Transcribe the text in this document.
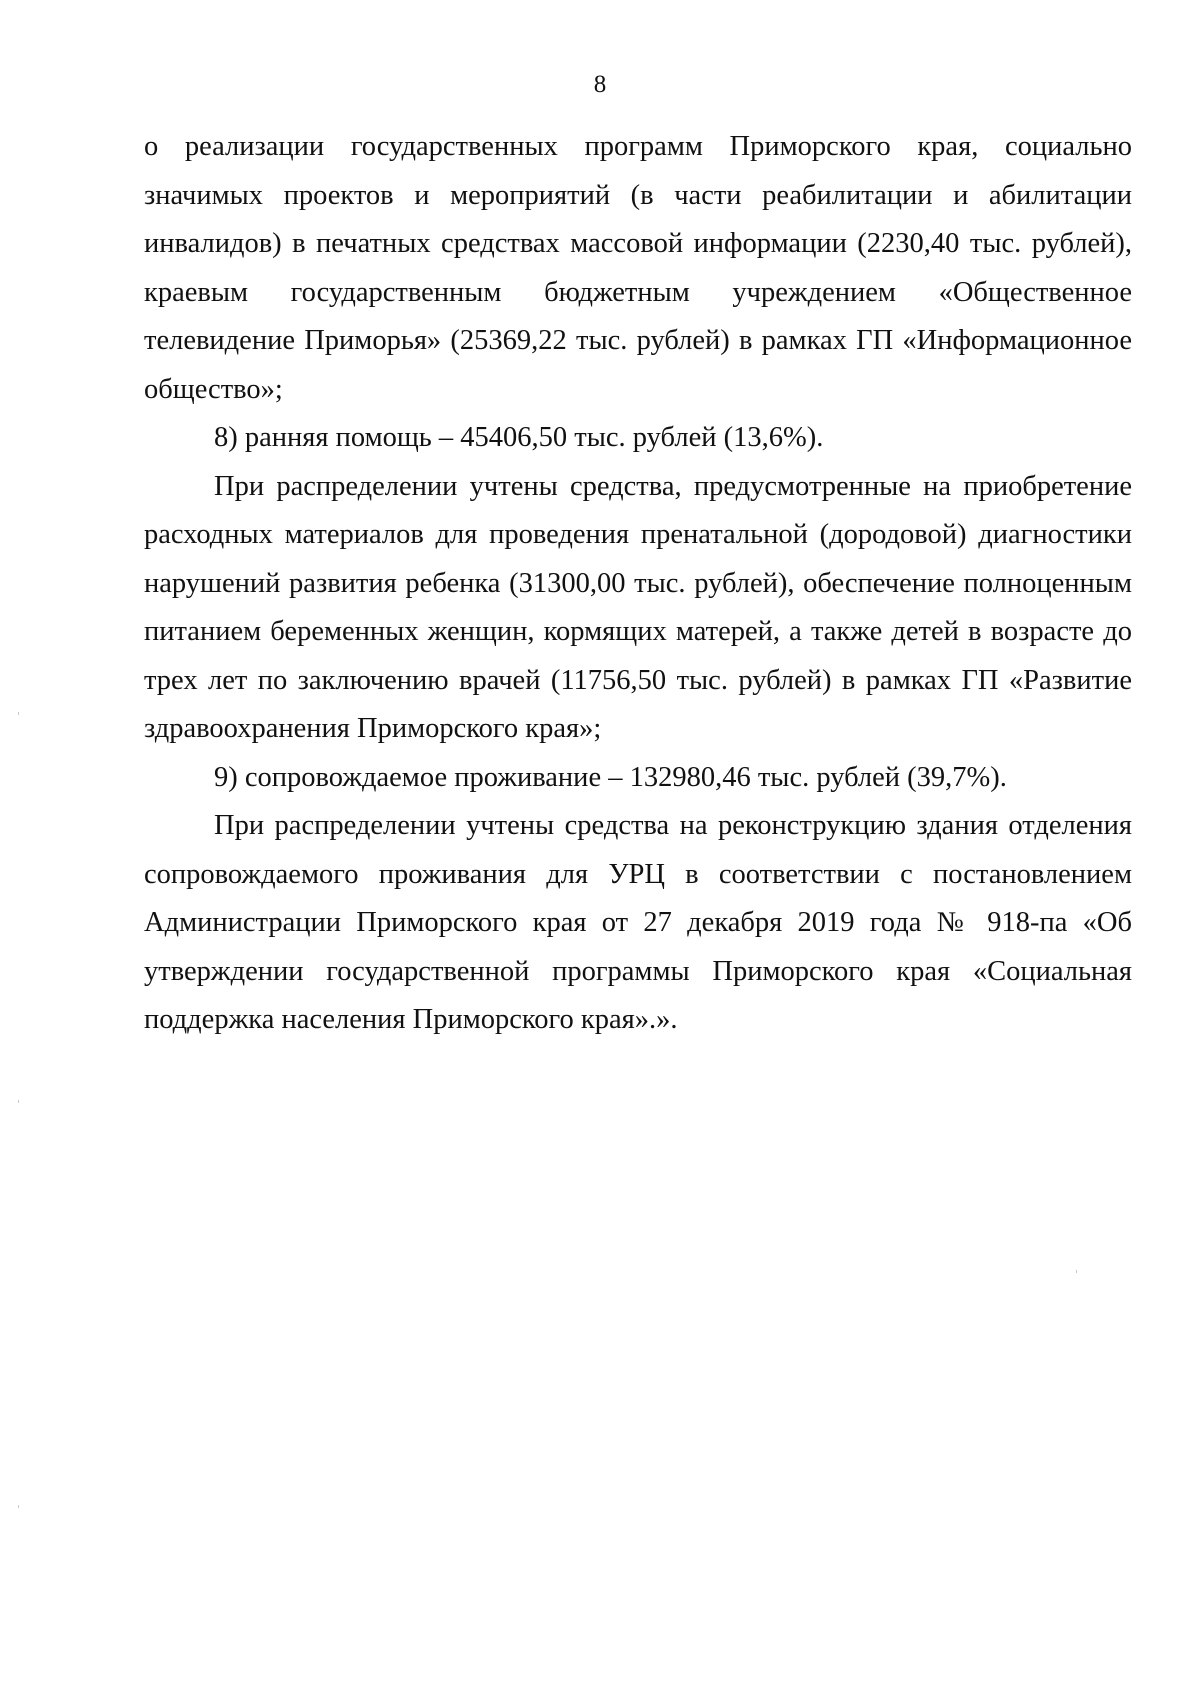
8

о реализации государственных программ Приморского края, социально значимых проектов и мероприятий (в части реабилитации и абилитации инвалидов) в печатных средствах массовой информации (2230,40 тыс. рублей), краевым государственным бюджетным учреждением «Общественное телевидение Приморья» (25369,22 тыс. рублей) в рамках ГП «Информационное общество»;

8) ранняя помощь – 45406,50 тыс. рублей (13,6%).

При распределении учтены средства, предусмотренные на приобретение расходных материалов для проведения пренатальной (дородовой) диагностики нарушений развития ребенка (31300,00 тыс. рублей), обеспечение полноценным питанием беременных женщин, кормящих матерей, а также детей в возрасте до трех лет по заключению врачей (11756,50 тыс. рублей) в рамках ГП «Развитие здравоохранения Приморского края»;

9) сопровождаемое проживание – 132980,46 тыс. рублей (39,7%).

При распределении учтены средства на реконструкцию здания отделения сопровождаемого проживания для УРЦ в соответствии с постановлением Администрации Приморского края от 27 декабря 2019 года № 918-па «Об утверждении государственной программы Приморского края «Социальная поддержка населения Приморского края».».
